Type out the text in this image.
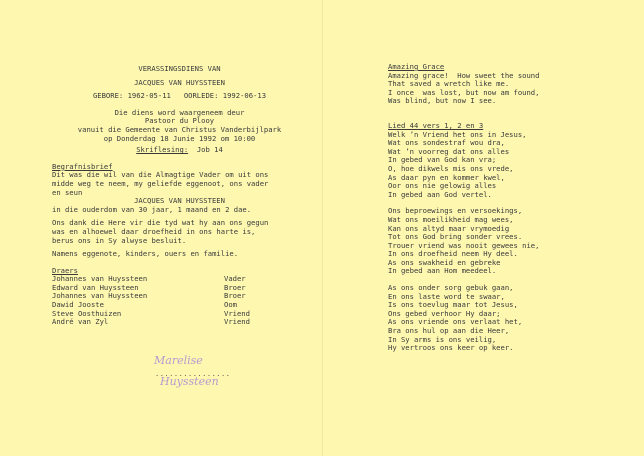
VERASSINGSDIENS VAN
JACQUES VAN HUYSSTEEN
GEBORE: 1962-05-11   OORLEDE: 1992-06-13
Die diens word waargeneem deur
Pastoor du Plooy
vanuit die Gemeente van Christus Vanderbijlpark
op Donderdag 18 Junie 1992 om 10:00
Skriflesing: Job 14
Begrafnisbrief
Dit was die wil van die Almagtige Vader om uit ons
midde weg te neem, my geliefde eggenoot, ons vader
en seun
JACQUES VAN HUYSSTEEN
in die ouderdom van 30 jaar, 1 maand en 2 dae.
Ons dank die Here vir die tyd wat hy aan ons gegun
was en alhoewel daar droefheid in ons harte is,
berus ons in Sy alwyse besluit.
Namens eggenote, kinders, ouers en familie.
Draers
Johannes van Huyssteen	Vader
Edward van Huyssteen	Broer
Johannes van Huyssteen	Broer
Dawid Jooste	Oom
Steve Oosthuizen	Vriend
André van Zyl	Vriend
Marelise
Huyssteen
................
Amazing Grace
Amazing grace!  How sweet the sound
That saved a wretch like me.
I once  was lost, but now am found,
Was blind, but now I see.
Lied 44 vers 1, 2 en 3
Welk ’n Vriend het ons in Jesus,
Wat ons sondestraf wou dra,
Wat ’n voorreg dat ons alles
In gebed van God kan vra;
O, hoe dikwels mis ons vrede,
As daar pyn en kommer kwel,
Oor ons nie gelowig alles
In gebed aan God vertel.
Ons beproewings en versoekings,
Wat ons moeilikheid mag wees,
Kan ons altyd maar vrymoedig
Tot ons God bring sonder vrees.
Trouer vriend was nooit gewees nie,
In ons droefheid neem Hy deel.
As ons swakheid en gebreke
In gebed aan Hom meedeel.
As ons onder sorg gebuk gaan,
En ons laste word te swaar,
Is ons toevlug maar tot Jesus,
Ons gebed verhoor Hy daar;
As ons vriende ons verlaat het,
Bra ons hul op aan die Heer,
In Sy arms is ons veilig,
Hy vertroos ons keer op keer.
